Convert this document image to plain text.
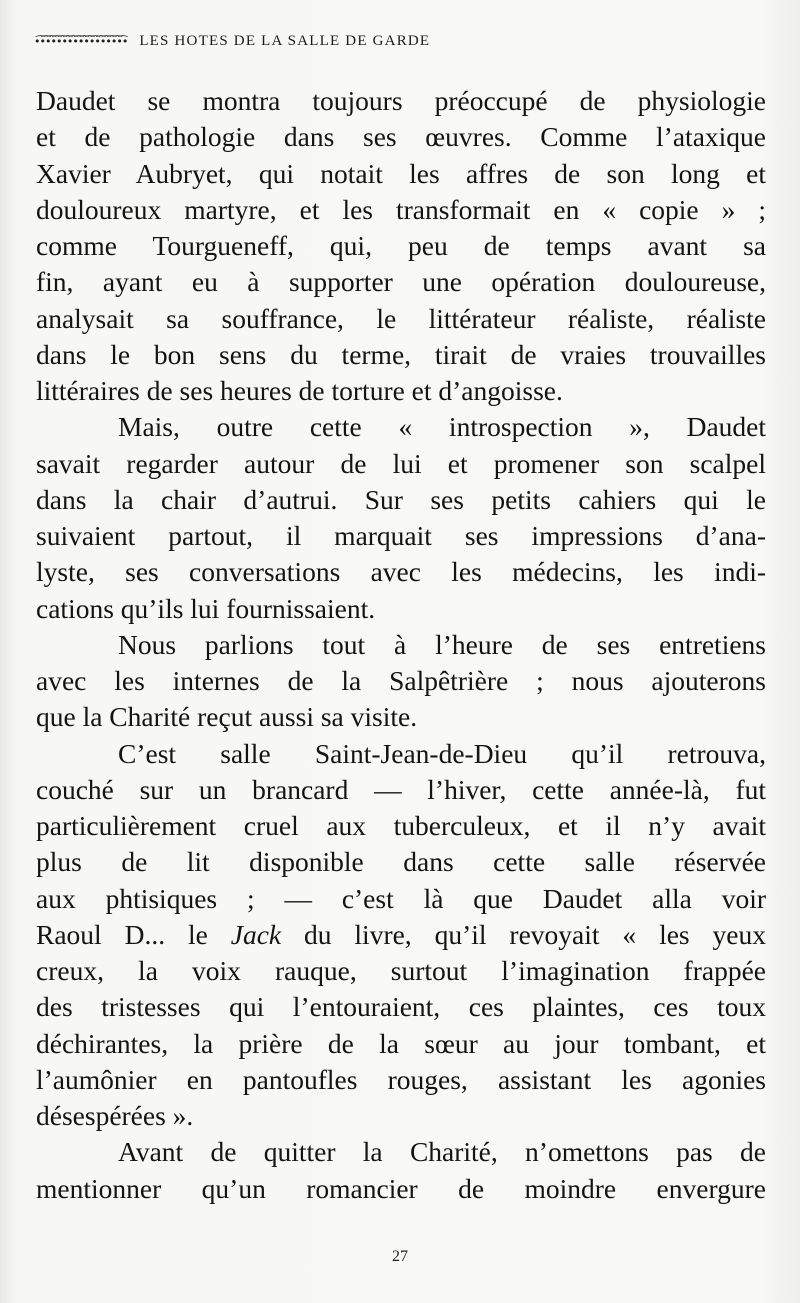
•͡•͡•͡•͡•͡•͡•͡•͡•͡•͡•͡•͡•͡•͡•͡•͡• LES HOTES DE LA SALLE DE GARDE
Daudet se montra toujours préoccupé de physiologie
et de pathologie dans ses œuvres. Comme l’ataxique
Xavier Aubryet, qui notait les affres de son long et
douloureux martyre, et les transformait en « copie » ;
comme Tourgueneff, qui, peu de temps avant sa
fin, ayant eu à supporter une opération douloureuse,
analysait sa souffrance, le littérateur réaliste, réaliste
dans le bon sens du terme, tirait de vraies trouvailles
littéraires de ses heures de torture et d’angoisse.
Mais, outre cette « introspection », Daudet
savait regarder autour de lui et promener son scalpel
dans la chair d’autrui. Sur ses petits cahiers qui le
suivaient partout, il marquait ses impressions d’ana-
lyste, ses conversations avec les médecins, les indi-
cations qu’ils lui fournissaient.
Nous parlions tout à l’heure de ses entretiens
avec les internes de la Salpêtrière ; nous ajouterons
que la Charité reçut aussi sa visite.
C’est salle Saint-Jean-de-Dieu qu’il retrouva,
couché sur un brancard — l’hiver, cette année-là, fut
particulièrement cruel aux tuberculeux, et il n’y avait
plus de lit disponible dans cette salle réservée
aux phtisiques ; — c’est là que Daudet alla voir
Raoul D... le Jack du livre, qu’il revoyait « les yeux
creux, la voix rauque, surtout l’imagination frappée
des tristesses qui l’entouraient, ces plaintes, ces toux
déchirantes, la prière de la sœur au jour tombant, et
l’aumônier en pantoufles rouges, assistant les agonies
désespérées ».
Avant de quitter la Charité, n’omettons pas de
mentionner qu’un romancier de moindre envergure
27
